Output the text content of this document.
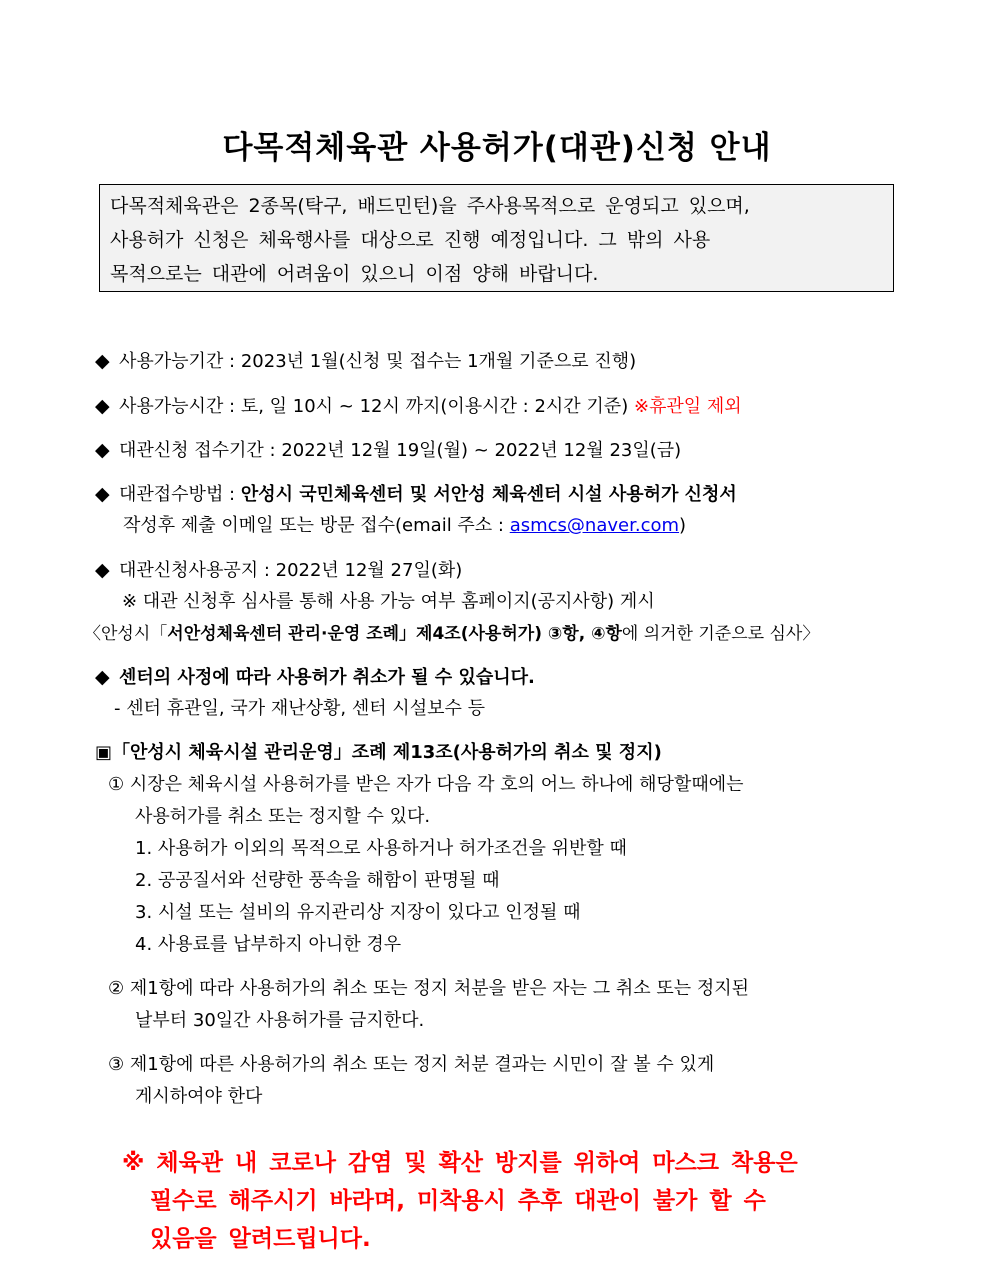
다목적체육관 사용허가(대관)신청 안내
다목적체육관은 2종목(탁구, 배드민턴)을 주사용목적으로 운영되고 있으며,
사용허가 신청은 체육행사를 대상으로 진행 예정입니다. 그 밖의 사용
목적으로는 대관에 어려움이 있으니 이점 양해 바랍니다.
◆ 사용가능기간 : 2023년 1월(신청 및 접수는 1개월 기준으로 진행)
◆ 사용가능시간 : 토, 일 10시 ~ 12시 까지(이용시간 : 2시간 기준) ※휴관일 제외
◆ 대관신청 접수기간 : 2022년 12월 19일(월) ~ 2022년 12월 23일(금)
◆ 대관접수방법 : 안성시 국민체육센터 및 서안성 체육센터 시설 사용허가 신청서
작성후 제출 이메일 또는 방문 접수(email 주소 : asmcs@naver.com)
◆ 대관신청사용공지 : 2022년 12월 27일(화)
※ 대관 신청후 심사를 통해 사용 가능 여부 홈페이지(공지사항) 게시
〈안성시「서안성체육센터 관리·운영 조례」제4조(사용허가) ③항, ④항에 의거한 기준으로 심사〉
◆ 센터의 사정에 따라 사용허가 취소가 될 수 있습니다.
- 센터 휴관일, 국가 재난상황, 센터 시설보수 등
▣「안성시 체육시설 관리운영」조례 제13조(사용허가의 취소 및 정지)
① 시장은 체육시설 사용허가를 받은 자가 다음 각 호의 어느 하나에 해당할때에는
사용허가를 취소 또는 정지할 수 있다.
1. 사용허가 이외의 목적으로 사용하거나 허가조건을 위반할 때
2. 공공질서와 선량한 풍속을 해함이 판명될 때
3. 시설 또는 설비의 유지관리상 지장이 있다고 인정될 때
4. 사용료를 납부하지 아니한 경우
② 제1항에 따라 사용허가의 취소 또는 정지 처분을 받은 자는 그 취소 또는 정지된
날부터 30일간 사용허가를 금지한다.
③ 제1항에 따른 사용허가의 취소 또는 정지 처분 결과는 시민이 잘 볼 수 있게
게시하여야 한다
※ 체육관 내 코로나 감염 및 확산 방지를 위하여 마스크 착용은
필수로 해주시기 바라며, 미착용시 추후 대관이 불가 할 수
있음을 알려드립니다.
